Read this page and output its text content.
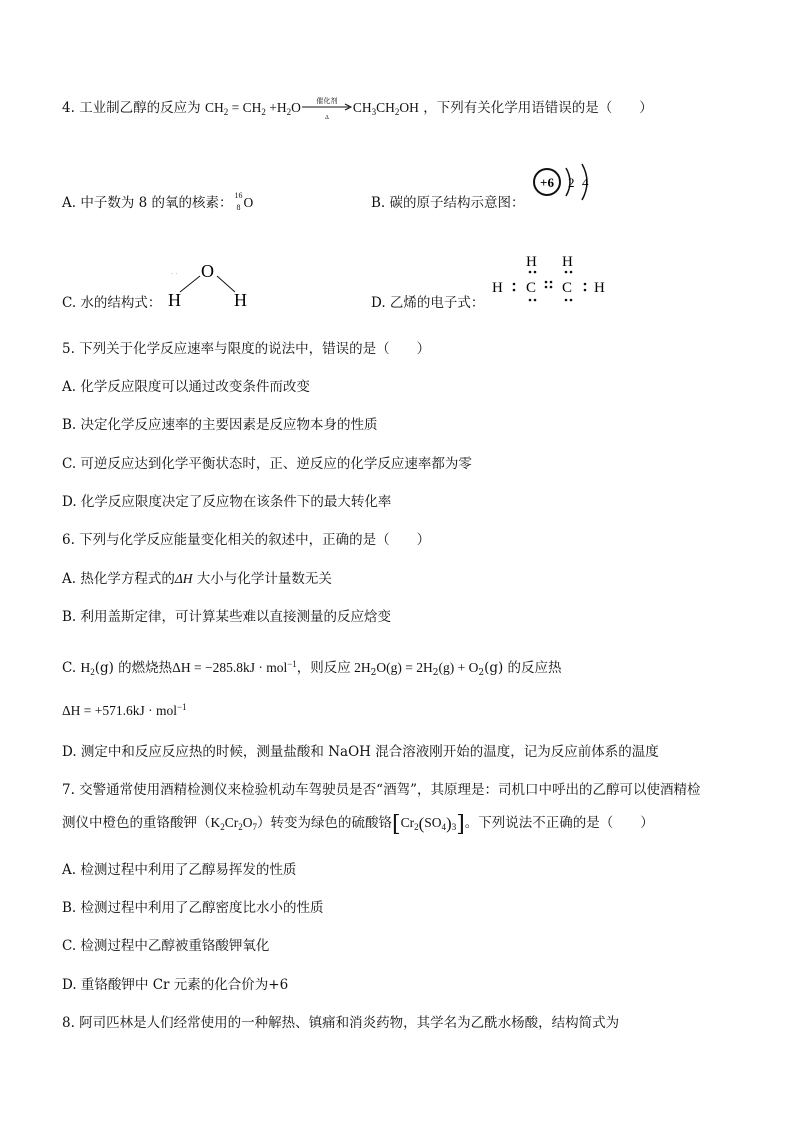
4. 工业制乙醇的反应为 $CH_2 = CH_2 +H_2O$	催化剂
Δ
$CH_3CH_2OH$ ，下列有关化学用语错误的是（　　）
A. 中子数为 8 的氧的核素： 16
8 O	B. 碳的原子结构示意图：
+6 2 4
C. 水的结构式：
O
H	H
· ·
D. 乙烯的电子式：
H H
H C C H
5. 下列关于化学反应速率与限度的说法中，错误的是（　　）
A. 化学反应限度可以通过改变条件而改变
B. 决定化学反应速率的主要因素是反应物本身的性质
C. 可逆反应达到化学平衡状态时，正、逆反应的化学反应速率都为零
D. 化学反应限度决定了反应物在该条件下的最大转化率
6. 下列与化学反应能量变化相关的叙述中，正确的是（　　）
A. 热化学方程式的ΔH 大小与化学计量数无关
B. 利用盖斯定律，可计算某些难以直接测量的反应焓变
C. $H_2(g)$ 的燃烧热ΔH = −285.8kJ · mol$^{-1}$，则反应 $2H_2O(g) = 2H_2(g) + O_2(g)$ 的反应热
ΔH = +571.6kJ · mol$^{-1}$
D. 测定中和反应反应热的时候，测量盐酸和 NaOH 混合溶液刚开始的温度，记为反应前体系的温度
7. 交警通常使用酒精检测仪来检验机动车驾驶员是否“酒驾”，其原理是：司机口中呼出的乙醇可以使酒精检
测仪中橙色的重铬酸钾$(K_2Cr_2O_7)$转变为绿色的硫酸铬$[Cr_2(SO_4)_3]$。下列说法不正确的是（　　）
A. 检测过程中利用了乙醇易挥发的性质
B. 检测过程中利用了乙醇密度比水小的性质
C. 检测过程中乙醇被重铬酸钾氧化
D. 重铬酸钾中 Cr 元素的化合价为+6
8. 阿司匹林是人们经常使用的一种解热、镇痛和消炎药物，其学名为乙酰水杨酸，结构简式为
